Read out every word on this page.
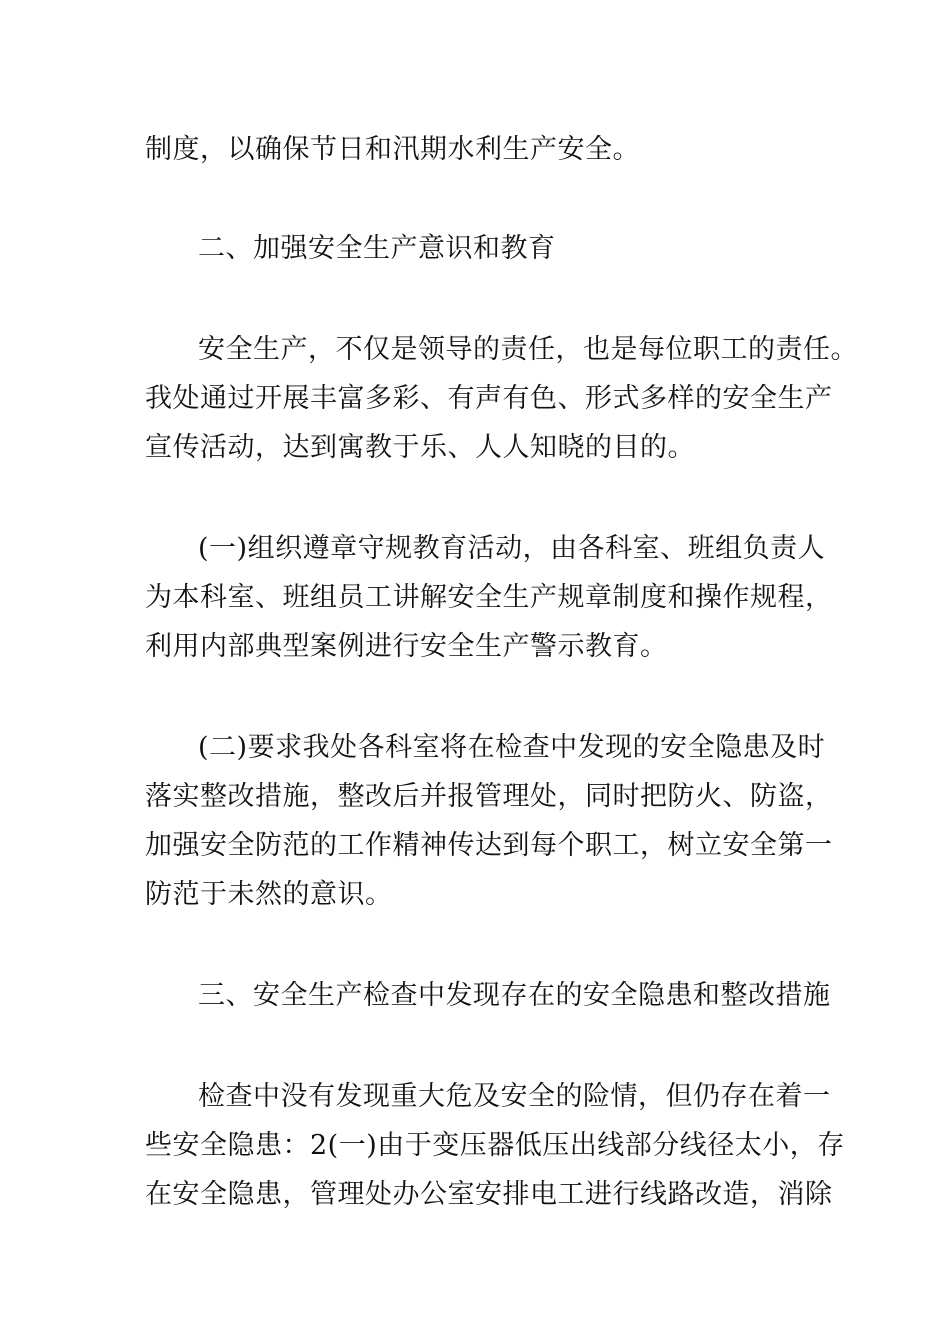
制度，以确保节日和汛期水利生产安全。
二、加强安全生产意识和教育
安全生产，不仅是领导的责任，也是每位职工的责任。
我处通过开展丰富多彩、有声有色、形式多样的安全生产
宣传活动，达到寓教于乐、人人知晓的目的。
(一)组织遵章守规教育活动，由各科室、班组负责人
为本科室、班组员工讲解安全生产规章制度和操作规程，
利用内部典型案例进行安全生产警示教育。
(二)要求我处各科室将在检查中发现的安全隐患及时
落实整改措施，整改后并报管理处，同时把防火、防盗，
加强安全防范的工作精神传达到每个职工，树立安全第一
防范于未然的意识。
三、安全生产检查中发现存在的安全隐患和整改措施
检查中没有发现重大危及安全的险情，但仍存在着一
些安全隐患：2(一)由于变压器低压出线部分线径太小，存
在安全隐患，管理处办公室安排电工进行线路改造，消除
